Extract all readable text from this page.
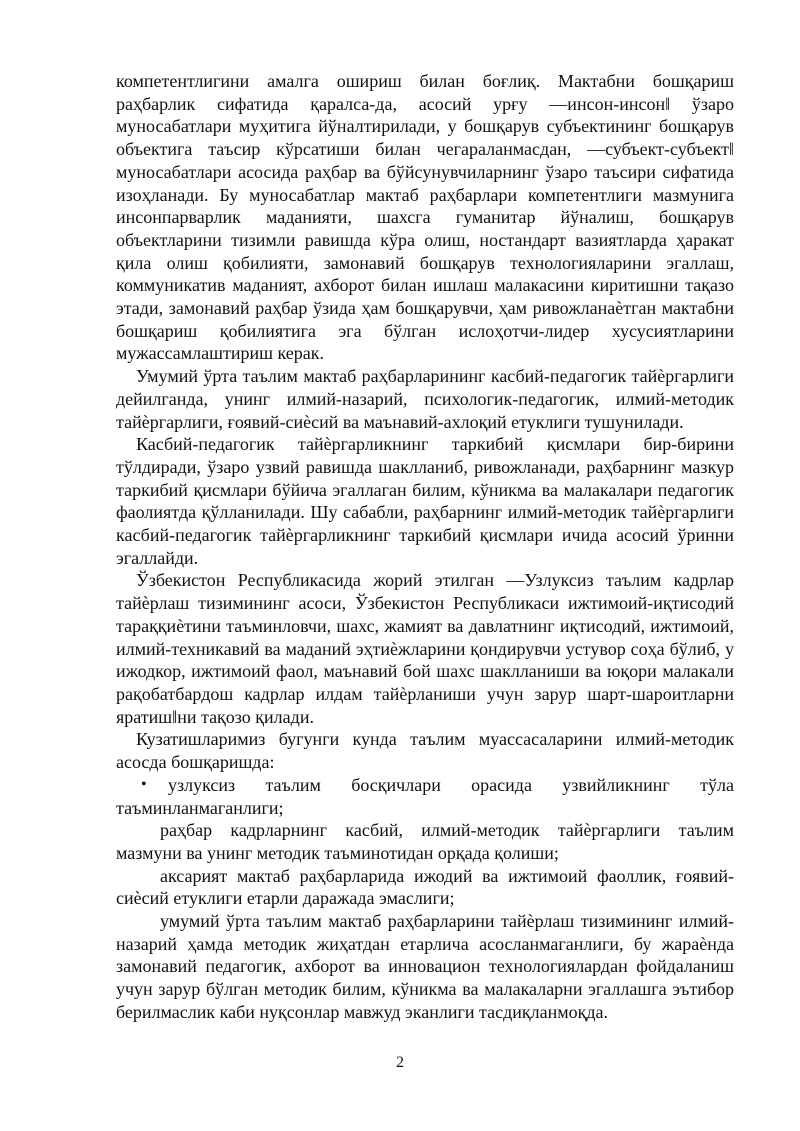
компетентлигини амалга ошириш билан боғлиқ. Мактабни бошқариш раҳбарлик сифатида қаралса-да, асосий урғу ―инсон-инсон‖ ўзаро муносабатлари муҳитига йўналтирилади, у бошқарув субъектининг бошқарув объектига таъсир кўрсатиши билан чегараланмасдан, ―субъект-субъект‖ муносабатлари асосида раҳбар ва бўйсунувчиларнинг ўзаро таъсири сифатида изоҳланади. Бу муносабатлар мактаб раҳбарлари компетентлиги мазмунига инсонпарварлик маданияти, шахсга гуманитар йўналиш, бошқарув объектларини тизимли равишда кўра олиш, ностандарт вазиятларда ҳаракат қила олиш қобилияти, замонавий бошқарув технологияларини эгаллаш, коммуникатив маданият, ахборот билан ишлаш малакасини киритишни тақазо этади, замонавий раҳбар ўзида ҳам бошқарувчи, ҳам ривожланаѐтган мактабни бошқариш қобилиятига эга бўлган ислоҳотчи-лидер хусусиятларини мужассамлаштириш керак.

Умумий ўрта таълим мактаб раҳбарларининг касбий-педагогик тайѐргарлиги дейилганда, унинг илмий-назарий, психологик-педагогик, илмий-методик тайѐргарлиги, ғоявий-сиѐсий ва маънавий-ахлоқий етуклиги тушунилади.

Касбий-педагогик тайѐргарликнинг таркибий қисмлари бир-бирини тўлдиради, ўзаро узвий равишда шаклланиб, ривожланади, раҳбарнинг мазкур таркибий қисмлари бўйича эгаллаган билим, кўникма ва малакалари педагогик фаолиятда қўлланилади. Шу сабабли, раҳбарнинг илмий-методик тайѐргарлиги касбий-педагогик тайѐргарликнинг таркибий қисмлари ичида асосий ўринни эгаллайди.

Ўзбекистон Республикасида жорий этилган ―Узлуксиз таълим кадрлар тайѐрлаш тизимининг асоси, Ўзбекистон Республикаси ижтимоий-иқтисодий тараққиѐтини таъминловчи, шахс, жамият ва давлатнинг иқтисодий, ижтимоий, илмий-техникавий ва маданий эҳтиѐжларини қондирувчи устувор соҳа бўлиб, у ижодкор, ижтимоий фаол, маънавий бой шахс шаклланиши ва юқори малакали рақобатбардош кадрлар илдам тайѐрланиши учун зарур шарт-шароитларни яратиш‖ни тақозо қилади.

Кузатишларимиз бугунги кунда таълим муассасаларини илмий-методик асосда бошқаришда:

• узлуксиз таълим босқичлари орасида узвийликнинг тўла таъминланмаганлиги;

раҳбар кадрларнинг касбий, илмий-методик тайѐргарлиги таълим мазмуни ва унинг методик таъминотидан орқада қолиши;

аксарият мактаб раҳбарларида ижодий ва ижтимоий фаоллик, ғоявий-сиѐсий етуклиги етарли даражада эмаслиги;

умумий ўрта таълим мактаб раҳбарларини тайѐрлаш тизимининг илмий-назарий ҳамда методик жиҳатдан етарлича асосланмаганлиги, бу жараѐнда замонавий педагогик, ахборот ва инновацион технологиялардан фойдаланиш учун зарур бўлган методик билим, кўникма ва малакаларни эгаллашга эътибор берилмаслик каби нуқсонлар мавжуд эканлиги тасдиқланмоқда.

2
